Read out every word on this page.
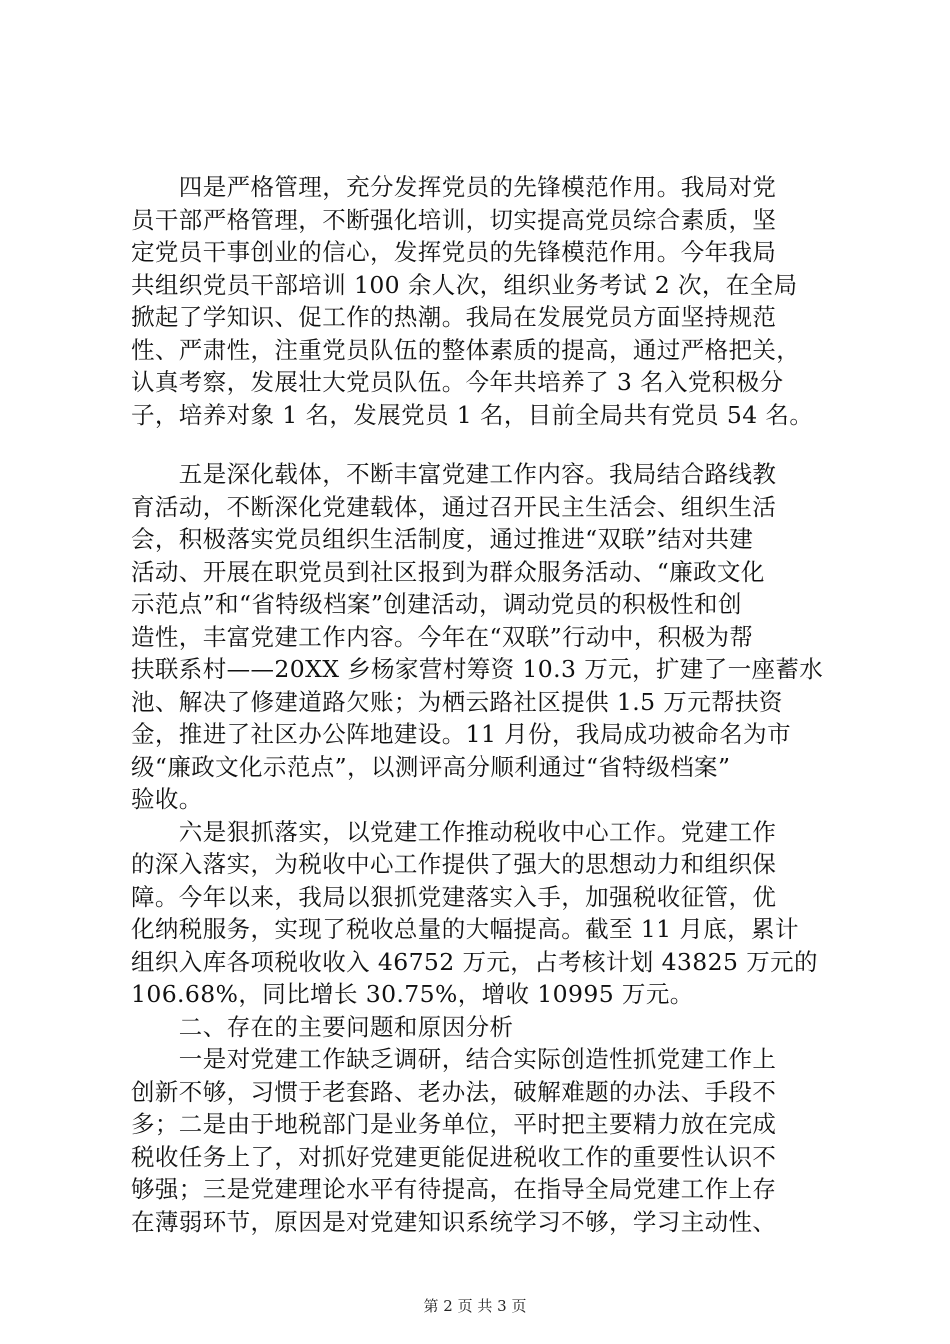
　　四是严格管理，充分发挥党员的先锋模范作用。我局对党
员干部严格管理，不断强化培训，切实提高党员综合素质，坚
定党员干事创业的信心，发挥党员的先锋模范作用。今年我局
共组织党员干部培训 100 余人次，组织业务考试 2 次，在全局
掀起了学知识、促工作的热潮。我局在发展党员方面坚持规范
性、严肃性，注重党员队伍的整体素质的提高，通过严格把关，
认真考察，发展壮大党员队伍。今年共培养了 3 名入党积极分
子，培养对象 1 名，发展党员 1 名，目前全局共有党员 54 名。
　　五是深化载体，不断丰富党建工作内容。我局结合路线教
育活动，不断深化党建载体，通过召开民主生活会、组织生活
会，积极落实党员组织生活制度，通过推进“双联”结对共建
活动、开展在职党员到社区报到为群众服务活动、“廉政文化
示范点”和“省特级档案”创建活动，调动党员的积极性和创
造性，丰富党建工作内容。今年在“双联”行动中，积极为帮
扶联系村——20XX 乡杨家营村筹资 10.3 万元，扩建了一座蓄水
池、解决了修建道路欠账；为栖云路社区提供 1.5 万元帮扶资
金，推进了社区办公阵地建设。11 月份，我局成功被命名为市
级“廉政文化示范点”，以测评高分顺利通过“省特级档案”
验收。
　　六是狠抓落实，以党建工作推动税收中心工作。党建工作
的深入落实，为税收中心工作提供了强大的思想动力和组织保
障。今年以来，我局以狠抓党建落实入手，加强税收征管，优
化纳税服务，实现了税收总量的大幅提高。截至 11 月底，累计
组织入库各项税收收入 46752 万元，占考核计划 43825 万元的
106.68%，同比增长 30.75%，增收 10995 万元。
　　二、存在的主要问题和原因分析
　　一是对党建工作缺乏调研，结合实际创造性抓党建工作上
创新不够，习惯于老套路、老办法，破解难题的办法、手段不
多；二是由于地税部门是业务单位，平时把主要精力放在完成
税收任务上了，对抓好党建更能促进税收工作的重要性认识不
够强；三是党建理论水平有待提高，在指导全局党建工作上存
在薄弱环节，原因是对党建知识系统学习不够，学习主动性、
第 2 页 共 3 页
